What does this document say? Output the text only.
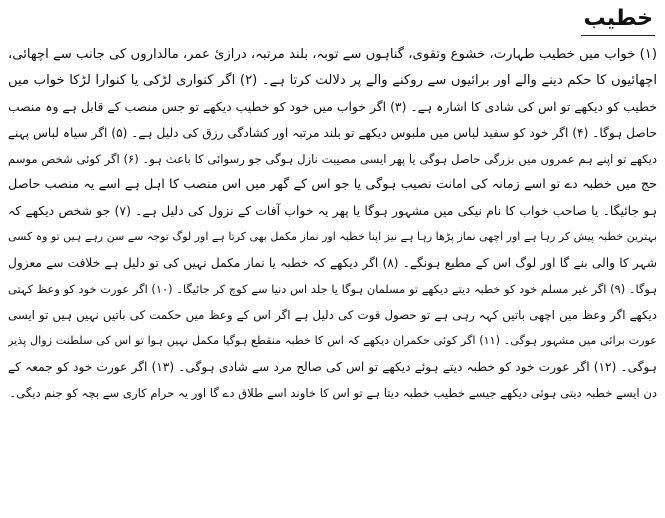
خطیب
(۱) خواب میں خطیب طہارت، خشوع وتقوی، گناہوں سے توبہ، بلند مرتبہ، درازئ عمر، مالداروں کی جانب سے اچھائی،
اچھائیوں کا حکم دینے والے اور برائیوں سے روکنے والے پر دلالت کرتا ہے۔ (۲) اگر کنواری لڑکی یا کنوارا لڑکا خواب میں
خطیب کو دیکھے تو اس کی شادی کا اشارہ ہے۔ (۳) اگر خواب میں خود کو خطیب دیکھے تو جس منصب کے قابل ہے وہ منصب
حاصل ہوگا۔ (۴) اگر خود کو سفید لباس میں ملبوس دیکھے تو بلند مرتبہ اور کشادگی رزق کی دلیل ہے۔ (۵) اگر سیاہ لباس پہنے
دیکھے تو اپنے ہم عمروں میں بزرگی حاصل ہوگی یا پھر ایسی مصیبت نازل ہوگی جو رسوائی کا باعث ہو۔ (۶) اگر کوئی شخص موسم
حج میں خطبہ دے تو اسے زمانہ کی امانت نصیب ہوگی یا جو اس کے گھر میں اس منصب کا اہل ہے اسے یہ منصب حاصل
ہو جائیگا۔ یا صاحب خواب کا نام نیکی میں مشہور ہوگا یا پھر یہ خواب آفات کے نزول کی دلیل ہے۔ (۷) جو شخص دیکھے کہ
بہترین خطبہ پیش کر رہا ہے اور اچھی نماز پڑھا رہا ہے نیز اپنا خطبہ اور نماز مکمل بھی کرتا ہے اور لوگ توجہ سے سن رہے ہیں تو وہ کسی
شہر کا والی بنے گا اور لوگ اس کے مطیع ہونگے۔ (۸) اگر دیکھے کہ خطبہ یا نماز مکمل نہیں کی تو دلیل ہے خلافت سے معزول
ہوگا۔ (۹) اگر غیر مسلم خود کو خطبہ دیتے دیکھے تو مسلمان ہوگا یا جلد اس دنیا سے کوچ کر جائیگا۔ (۱۰) اگر عورت خود کو وعظ کہتی
دیکھے اگر وعظ میں اچھی باتیں کہہ رہی ہے تو حصول قوت کی دلیل ہے اگر اس کے وعظ میں حکمت کی باتیں نہیں ہیں تو ایسی
عورت برائی میں مشہور ہوگی۔ (۱۱) اگر کوئی حکمران دیکھے کہ اس کا خطبہ منقطع ہوگیا مکمل نہیں ہوا تو اس کی سلطنت زوال پذیر
ہوگی۔ (۱۲) اگر عورت خود کو خطبہ دیتے ہوئے دیکھے تو اس کی صالح مرد سے شادی ہوگی۔ (۱۳) اگر عورت خود کو جمعہ کے
دن ایسے خطبہ دیتی ہوئی دیکھے جیسے خطیب خطبہ دیتا ہے تو اس کا خاوند اسے طلاق دے گا اور یہ حرام کاری سے بچہ کو جنم دیگی۔
